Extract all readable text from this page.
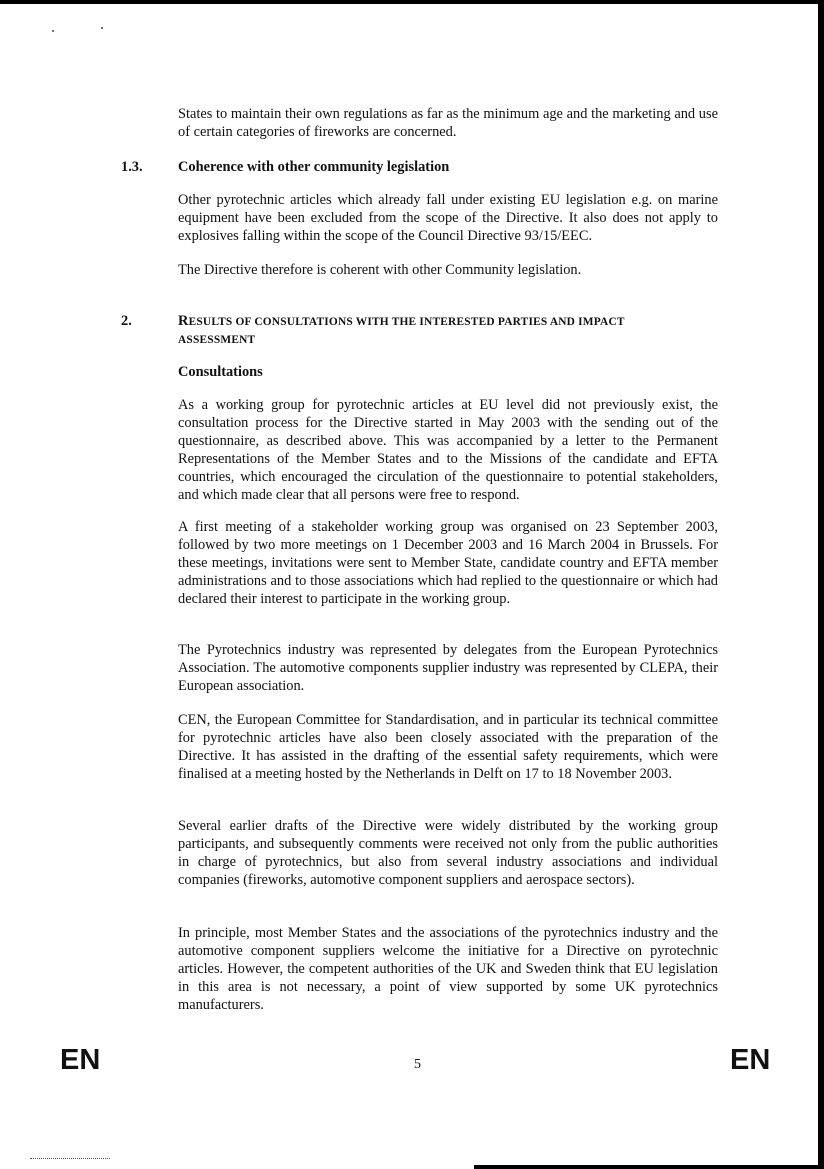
States to maintain their own regulations as far as the minimum age and the marketing and use of certain categories of fireworks are concerned.

1.3. Coherence with other community legislation

Other pyrotechnic articles which already fall under existing EU legislation e.g. on marine equipment have been excluded from the scope of the Directive. It also does not apply to explosives falling within the scope of the Council Directive 93/15/EEC.

The Directive therefore is coherent with other Community legislation.

2.	RESULTS OF CONSULTATIONS WITH THE INTERESTED PARTIES AND IMPACT
ASSESSMENT
Consultations

As a working group for pyrotechnic articles at EU level did not previously exist, the consultation process for the Directive started in May 2003 with the sending out of the questionnaire, as described above. This was accompanied by a letter to the Permanent Representations of the Member States and to the Missions of the candidate and EFTA countries, which encouraged the circulation of the questionnaire to potential stakeholders, and which made clear that all persons were free to respond.

A first meeting of a stakeholder working group was organised on 23 September 2003, followed by two more meetings on 1 December 2003 and 16 March 2004 in Brussels. For these meetings, invitations were sent to Member State, candidate country and EFTA member administrations and to those associations which had replied to the questionnaire or which had declared their interest to participate in the working group.

The Pyrotechnics industry was represented by delegates from the European Pyrotechnics Association. The automotive components supplier industry was represented by CLEPA, their European association.

CEN, the European Committee for Standardisation, and in particular its technical committee for pyrotechnic articles have also been closely associated with the preparation of the Directive. It has assisted in the drafting of the essential safety requirements, which were finalised at a meeting hosted by the Netherlands in Delft on 17 to 18 November 2003.

Several earlier drafts of the Directive were widely distributed by the working group participants, and subsequently comments were received not only from the public authorities in charge of pyrotechnics, but also from several industry associations and individual companies (fireworks, automotive component suppliers and aerospace sectors).

In principle, most Member States and the associations of the pyrotechnics industry and the automotive component suppliers welcome the initiative for a Directive on pyrotechnic articles. However, the competent authorities of the UK and Sweden think that EU legislation in this area is not necessary, a point of view supported by some UK pyrotechnics manufacturers.

EN	5	EN
